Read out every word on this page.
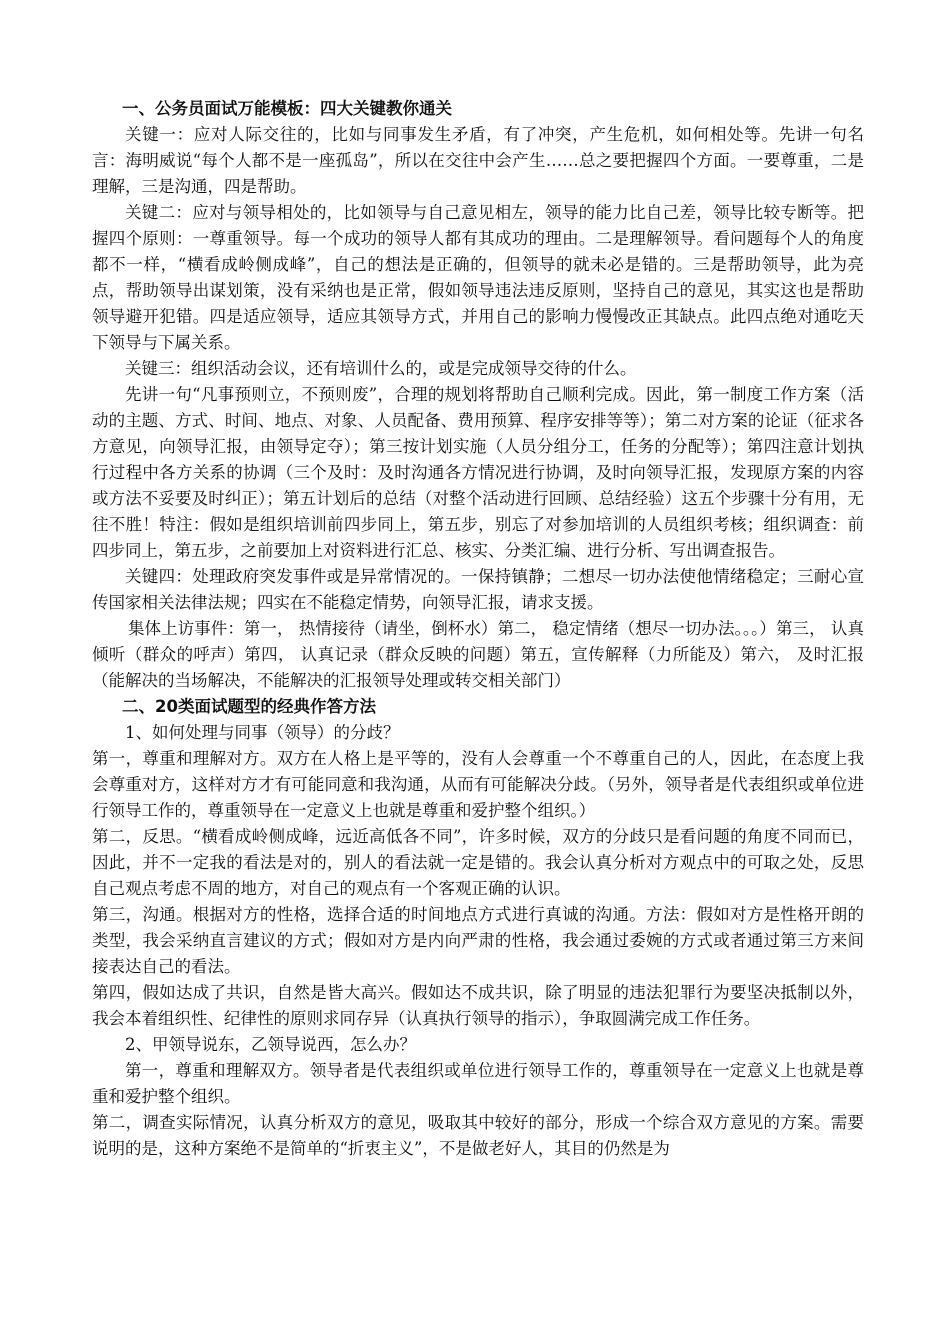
一、公务员面试万能模板：四大关键教你通关

关键一：应对人际交往的，比如与同事发生矛盾，有了冲突，产生危机，如何相处等。先讲一句名言：海明威说“每个人都不是一座孤岛”，所以在交往中会产生……总之要把握四个方面。一要尊重，二是理解，三是沟通，四是帮助。

关键二：应对与领导相处的，比如领导与自己意见相左，领导的能力比自己差，领导比较专断等。把握四个原则：一尊重领导。每一个成功的领导人都有其成功的理由。二是理解领导。看问题每个人的角度都不一样，“横看成岭侧成峰”，自己的想法是正确的，但领导的就未必是错的。三是帮助领导，此为亮点，帮助领导出谋划策，没有采纳也是正常，假如领导违法违反原则，坚持自己的意见，其实这也是帮助领导避开犯错。四是适应领导，适应其领导方式，并用自己的影响力慢慢改正其缺点。此四点绝对通吃天下领导与下属关系。

关键三：组织活动会议，还有培训什么的，或是完成领导交待的什么。

先讲一句“凡事预则立，不预则废”，合理的规划将帮助自己顺利完成。因此，第一制度工作方案（活动的主题、方式、时间、地点、对象、人员配备、费用预算、程序安排等等）；第二对方案的论证（征求各方意见，向领导汇报，由领导定夺）；第三按计划实施（人员分组分工，任务的分配等）；第四注意计划执行过程中各方关系的协调（三个及时：及时沟通各方情况进行协调，及时向领导汇报，发现原方案的内容或方法不妥要及时纠正）；第五计划后的总结（对整个活动进行回顾、总结经验）这五个步骤十分有用，无往不胜！特注：假如是组织培训前四步同上，第五步，别忘了对参加培训的人员组织考核；组织调查：前四步同上，第五步，之前要加上对资料进行汇总、核实、分类汇编、进行分析、写出调查报告。

关键四：处理政府突发事件或是异常情况的。一保持镇静；二想尽一切办法使他情绪稳定；三耐心宣传国家相关法律法规；四实在不能稳定情势，向领导汇报，请求支援。

集体上访事件：第一， 热情接待（请坐，倒杯水）第二， 稳定情绪（想尽一切办法。。。）第三， 认真倾听（群众的呼声）第四， 认真记录（群众反映的问题）第五，宣传解释（力所能及）第六， 及时汇报（能解决的当场解决，不能解决的汇报领导处理或转交相关部门）

二、20类面试题型的经典作答方法

1、如何处理与同事（领导）的分歧？

第一，尊重和理解对方。双方在人格上是平等的，没有人会尊重一个不尊重自己的人，因此，在态度上我会尊重对方，这样对方才有可能同意和我沟通，从而有可能解决分歧。（另外，领导者是代表组织或单位进行领导工作的，尊重领导在一定意义上也就是尊重和爱护整个组织。）

第二，反思。“横看成岭侧成峰，远近高低各不同”，许多时候，双方的分歧只是看问题的角度不同而已，因此，并不一定我的看法是对的，别人的看法就一定是错的。我会认真分析对方观点中的可取之处，反思自己观点考虑不周的地方，对自己的观点有一个客观正确的认识。

第三，沟通。根据对方的性格，选择合适的时间地点方式进行真诚的沟通。方法：假如对方是性格开朗的类型，我会采纳直言建议的方式；假如对方是内向严肃的性格，我会通过委婉的方式或者通过第三方来间接表达自己的看法。

第四，假如达成了共识，自然是皆大高兴。假如达不成共识，除了明显的违法犯罪行为要坚决抵制以外，我会本着组织性、纪律性的原则求同存异（认真执行领导的指示），争取圆满完成工作任务。

2、甲领导说东，乙领导说西，怎么办？

第一，尊重和理解双方。领导者是代表组织或单位进行领导工作的，尊重领导在一定意义上也就是尊重和爱护整个组织。

第二，调查实际情况，认真分析双方的意见，吸取其中较好的部分，形成一个综合双方意见的方案。需要说明的是，这种方案绝不是简单的“折衷主义”，不是做老好人，其目的仍然是为
